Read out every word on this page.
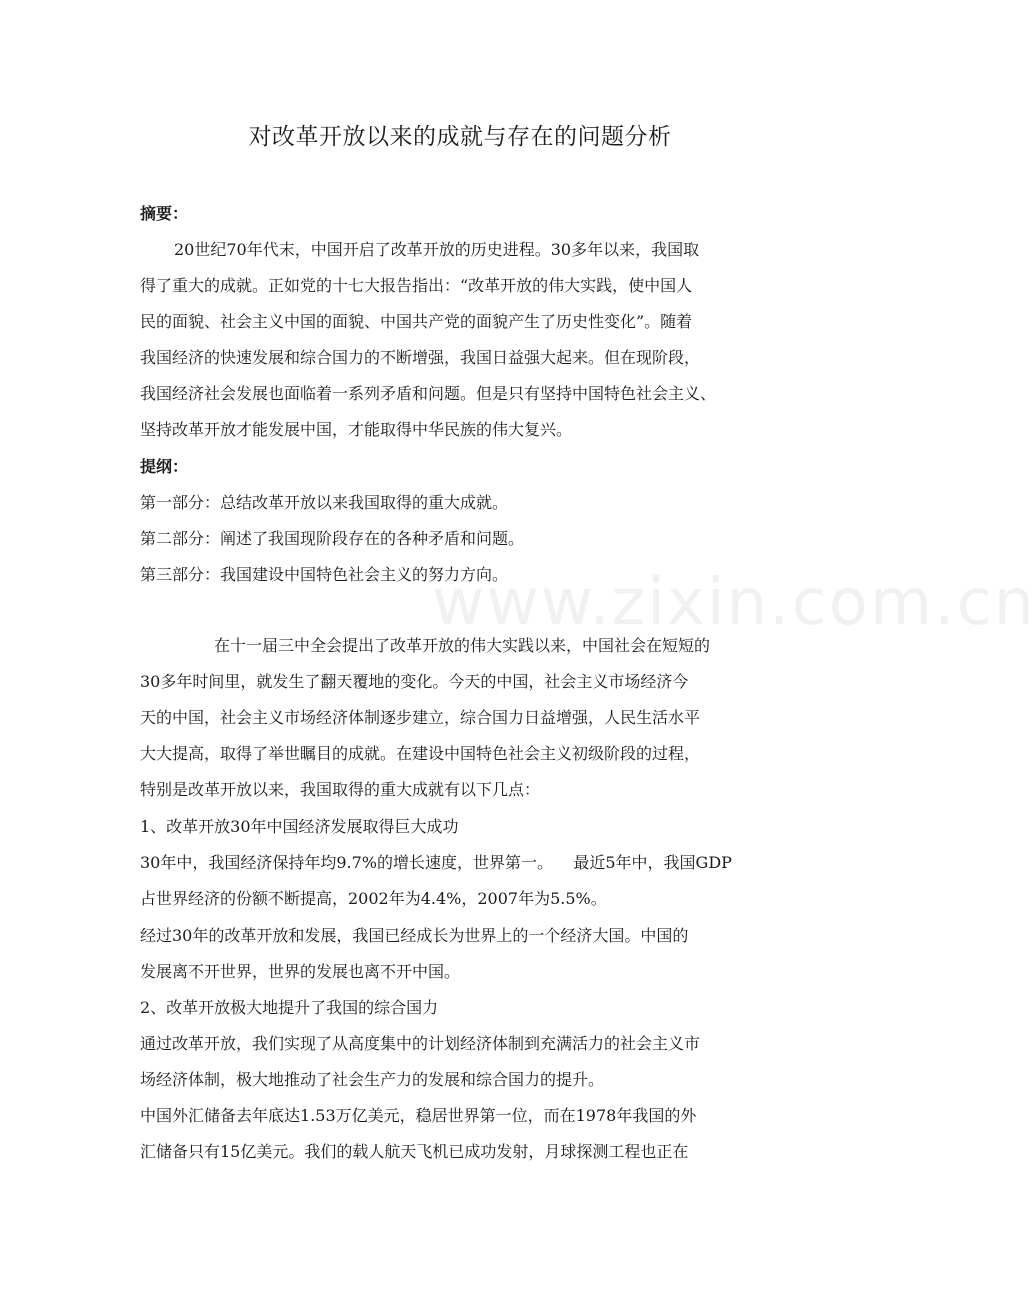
www.zixin.com.cn
对改革开放以来的成就与存在的问题分析
摘要：
20世纪70年代末，中国开启了改革开放的历史进程。30多年以来，我国取
得了重大的成就。正如党的十七大报告指出：“改革开放的伟大实践，使中国人
民的面貌、社会主义中国的面貌、中国共产党的面貌产生了历史性变化”。随着
我国经济的快速发展和综合国力的不断增强，我国日益强大起来。但在现阶段，
我国经济社会发展也面临着一系列矛盾和问题。但是只有坚持中国特色社会主义、
坚持改革开放才能发展中国，才能取得中华民族的伟大复兴。
提纲：
第一部分：总结改革开放以来我国取得的重大成就。
第二部分：阐述了我国现阶段存在的各种矛盾和问题。
第三部分：我国建设中国特色社会主义的努力方向。
在十一届三中全会提出了改革开放的伟大实践以来，中国社会在短短的
30多年时间里，就发生了翻天覆地的变化。今天的中国，社会主义市场经济今
天的中国，社会主义市场经济体制逐步建立，综合国力日益增强，人民生活水平
大大提高，取得了举世瞩目的成就。在建设中国特色社会主义初级阶段的过程，
特别是改革开放以来，我国取得的重大成就有以下几点：
1、改革开放30年中国经济发展取得巨大成功
30年中，我国经济保持年均9.7%的增长速度，世界第一。    最近5年中，我国GDP
占世界经济的份额不断提高，2002年为4.4%，2007年为5.5%。
经过30年的改革开放和发展，我国已经成长为世界上的一个经济大国。中国的
发展离不开世界，世界的发展也离不开中国。
2、改革开放极大地提升了我国的综合国力
通过改革开放，我们实现了从高度集中的计划经济体制到充满活力的社会主义市
场经济体制，极大地推动了社会生产力的发展和综合国力的提升。
中国外汇储备去年底达1.53万亿美元，稳居世界第一位，而在1978年我国的外
汇储备只有15亿美元。我们的载人航天飞机已成功发射，月球探测工程也正在
